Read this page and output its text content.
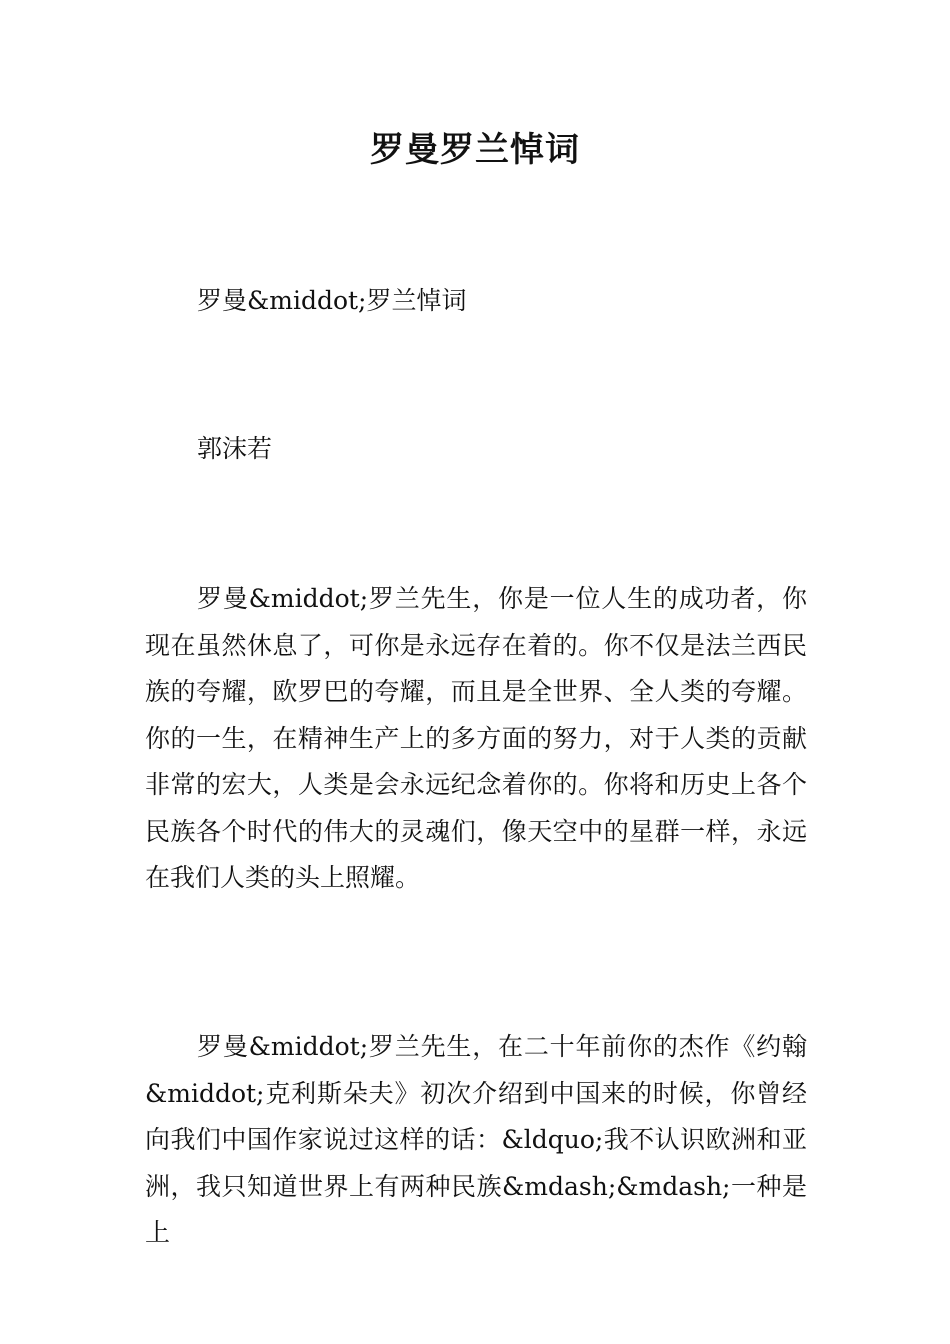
罗曼罗兰悼词

罗曼&middot;罗兰悼词

郭沫若

罗曼&middot;罗兰先生，你是一位人生的成功者，你现在虽然休息了，可你是永远存在着的。你不仅是法兰西民族的夸耀，欧罗巴的夸耀，而且是全世界、全人类的夸耀。你的一生，在精神生产上的多方面的努力，对于人类的贡献非常的宏大，人类是会永远纪念着你的。你将和历史上各个民族各个时代的伟大的灵魂们，像天空中的星群一样，永远在我们人类的头上照耀。

罗曼&middot;罗兰先生，在二十年前你的杰作《约翰&middot;克利斯朵夫》初次介绍到中国来的时候，你曾经向我们中国作家说过这样的话：&ldquo;我不认识欧洲和亚洲，我只知道世界上有两种民族&mdash;&mdash;一种是上
